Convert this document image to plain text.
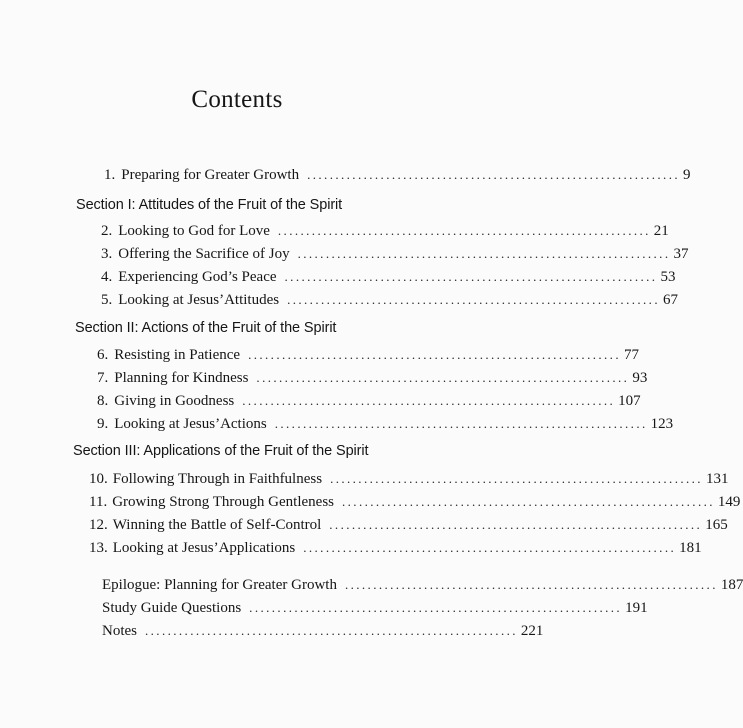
Contents
1. Preparing for Greater Growth .................................................................. 9
Section I: Attitudes of the Fruit of the Spirit
2. Looking to God for Love .................................................................. 21
3. Offering the Sacrifice of Joy .................................................................. 37
4. Experiencing God’s Peace .................................................................. 53
5. Looking at Jesus’Attitudes .................................................................. 67
Section II: Actions of the Fruit of the Spirit
6. Resisting in Patience .................................................................. 77
7. Planning for Kindness .................................................................. 93
8. Giving in Goodness .................................................................. 107
9. Looking at Jesus’Actions .................................................................. 123
Section III: Applications of the Fruit of the Spirit
10. Following Through in Faithfulness .................................................................. 131
11. Growing Strong Through Gentleness .................................................................. 149
12. Winning the Battle of Self-Control .................................................................. 165
13. Looking at Jesus’Applications .................................................................. 181
Epilogue: Planning for Greater Growth .................................................................. 187
Study Guide Questions .................................................................. 191
Notes .................................................................. 221
